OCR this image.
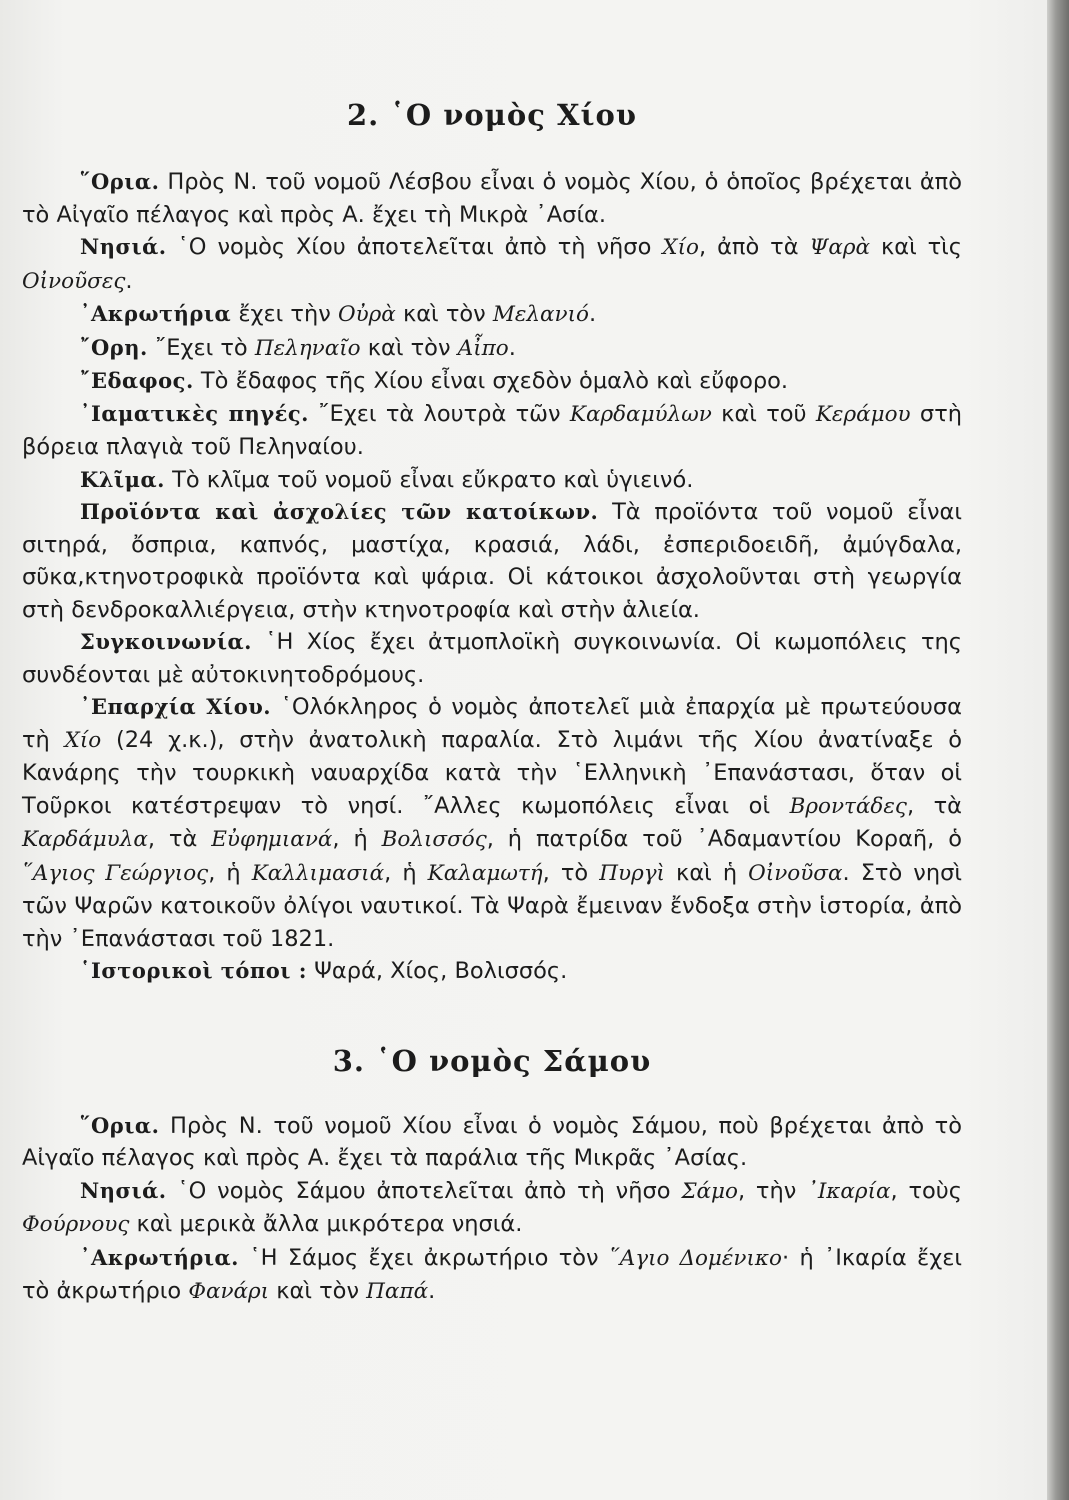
2. ῾Ο νομὸς Χίου

῞Ορια. Πρὸς Ν. τοῦ νομοῦ Λέσβου εἶναι ὁ νομὸς Χίου, ὁ ὁποῖος βρέχεται ἀπὸ τὸ Αἰγαῖο πέλαγος καὶ πρὸς Α. ἔχει τὴ Μικρὰ ᾿Ασία.

Νησιά. ῾Ο νομὸς Χίου ἀποτελεῖται ἀπὸ τὴ νῆσο Χίο, ἀπὸ τὰ Ψαρὰ καὶ τὶς Οἰνοῦσες.

᾿Ακρωτήρια ἔχει τὴν Οὐρὰ καὶ τὸν Μελανιό.

῎Ορη. ῎Εχει τὸ Πεληναῖο καὶ τὸν Αἶπο.

῎Εδαφος. Τὸ ἔδαφος τῆς Χίου εἶναι σχεδὸν ὁμαλὸ καὶ εὔφορο.

᾿Ιαματικὲς πηγές. ῎Εχει τὰ λουτρὰ τῶν Καρδαμύλων καὶ τοῦ Κεράμου στὴ βόρεια πλαγιὰ τοῦ Πεληναίου.

Κλῖμα. Τὸ κλῖμα τοῦ νομοῦ εἶναι εὔκρατο καὶ ὑγιεινό.

Προϊόντα καὶ ἀσχολίες τῶν κατοίκων. Τὰ προϊόντα τοῦ νομοῦ εἶναι σιτηρά, ὄσπρια, καπνός, μαστίχα, κρασιά, λάδι, ἐσπεριδοειδῆ, ἀμύγδαλα, σῦκα,κτηνοτροφικὰ προϊόντα καὶ ψάρια. Οἱ κάτοικοι ἀσχολοῦνται στὴ γεωργία στὴ δενδροκαλλιέργεια, στὴν κτηνοτροφία καὶ στὴν ἁλιεία.

Συγκοινωνία. ῾Η Χίος ἔχει ἀτμοπλοϊκὴ συγκοινωνία. Οἱ κωμοπόλεις της συνδέονται μὲ αὐτοκινητοδρόμους.

᾿Επαρχία Χίου. ῾Ολόκληρος ὁ νομὸς ἀποτελεῖ μιὰ ἐπαρχία μὲ πρωτεύουσα τὴ Χίο (24 χ.κ.), στὴν ἀνατολικὴ παραλία. Στὸ λιμάνι τῆς Χίου ἀνατίναξε ὁ Κανάρης τὴν τουρκικὴ ναυαρχίδα κατὰ τὴν ῾Ελληνικὴ ᾿Επανάστασι, ὅταν οἱ Τοῦρκοι κατέστρεψαν τὸ νησί. ῎Αλλες κωμοπόλεις εἶναι οἱ Βροντάδες, τὰ Καρδάμυλα, τὰ Εὐφημιανά, ἡ Βολισσός, ἡ πατρίδα τοῦ ᾿Αδαμαντίου Κοραῆ, ὁ ῞Αγιος Γεώργιος, ἡ Καλλιμασιά, ἡ Καλαμωτή, τὸ Πυργὶ καὶ ἡ Οἰνοῦσα. Στὸ νησὶ τῶν Ψαρῶν κατοικοῦν ὀλίγοι ναυτικοί. Τὰ Ψαρὰ ἔμειναν ἔνδοξα στὴν ἱστορία, ἀπὸ τὴν ᾿Επανάστασι τοῦ 1821.

῾Ιστορικοὶ τόποι : Ψαρά, Χίος, Βολισσός.

3. ῾Ο νομὸς Σάμου

῞Ορια. Πρὸς Ν. τοῦ νομοῦ Χίου εἶναι ὁ νομὸς Σάμου, ποὺ βρέχεται ἀπὸ τὸ Αἰγαῖο πέλαγος καὶ πρὸς Α. ἔχει τὰ παράλια τῆς Μικρᾶς ᾿Ασίας.

Νησιά. ῾Ο νομὸς Σάμου ἀποτελεῖται ἀπὸ τὴ νῆσο Σάμο, τὴν ᾿Ικαρία, τοὺς Φούρνους καὶ μερικὰ ἄλλα μικρότερα νησιά.

᾿Ακρωτήρια. ῾Η Σάμος ἔχει ἀκρωτήριο τὸν ῞Αγιο Δομένικο· ἡ ᾿Ικαρία ἔχει τὸ ἀκρωτήριο Φανάρι καὶ τὸν Παπά.
